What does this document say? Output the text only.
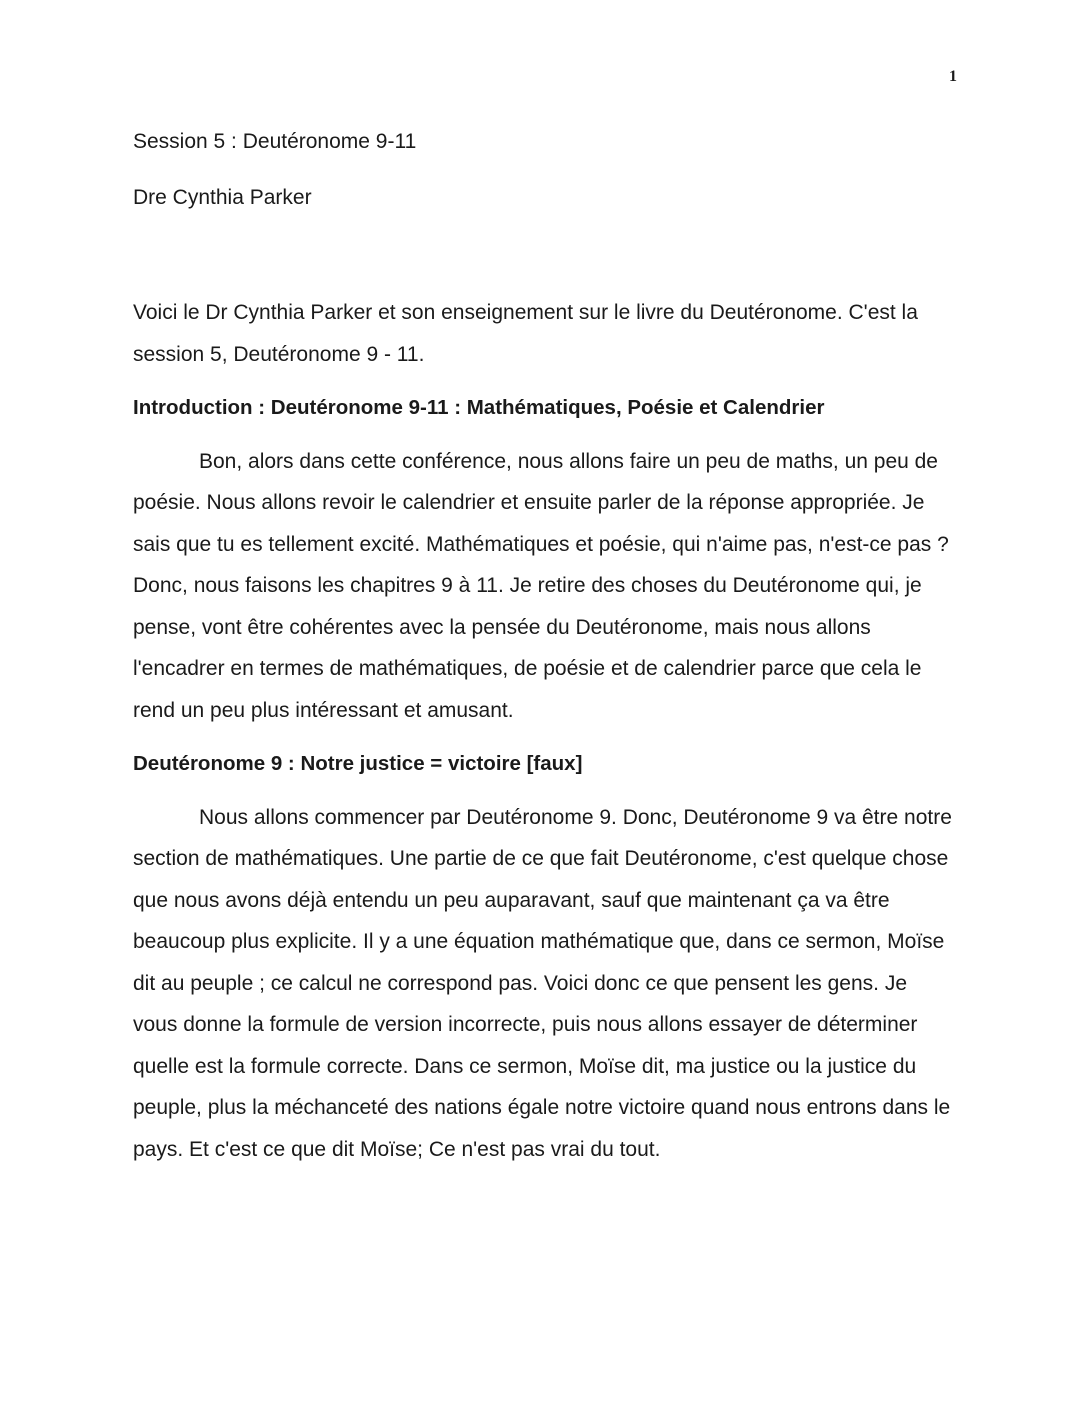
1

Session 5 : Deutéronome 9-11

Dre Cynthia Parker

Voici le Dr Cynthia Parker et son enseignement sur le livre du Deutéronome. C'est la session 5, Deutéronome 9 - 11.

Introduction : Deutéronome 9-11 : Mathématiques, Poésie et Calendrier

Bon, alors dans cette conférence, nous allons faire un peu de maths, un peu de poésie. Nous allons revoir le calendrier et ensuite parler de la réponse appropriée. Je sais que tu es tellement excité. Mathématiques et poésie, qui n'aime pas, n'est-ce pas ? Donc, nous faisons les chapitres 9 à 11. Je retire des choses du Deutéronome qui, je pense, vont être cohérentes avec la pensée du Deutéronome, mais nous allons l'encadrer en termes de mathématiques, de poésie et de calendrier parce que cela le rend un peu plus intéressant et amusant.

Deutéronome 9 : Notre justice = victoire [faux]

Nous allons commencer par Deutéronome 9. Donc, Deutéronome 9 va être notre section de mathématiques. Une partie de ce que fait Deutéronome, c'est quelque chose que nous avons déjà entendu un peu auparavant, sauf que maintenant ça va être beaucoup plus explicite. Il y a une équation mathématique que, dans ce sermon, Moïse dit au peuple ; ce calcul ne correspond pas. Voici donc ce que pensent les gens. Je vous donne la formule de version incorrecte, puis nous allons essayer de déterminer quelle est la formule correcte. Dans ce sermon, Moïse dit, ma justice ou la justice du peuple, plus la méchanceté des nations égale notre victoire quand nous entrons dans le pays. Et c'est ce que dit Moïse; Ce n'est pas vrai du tout.
